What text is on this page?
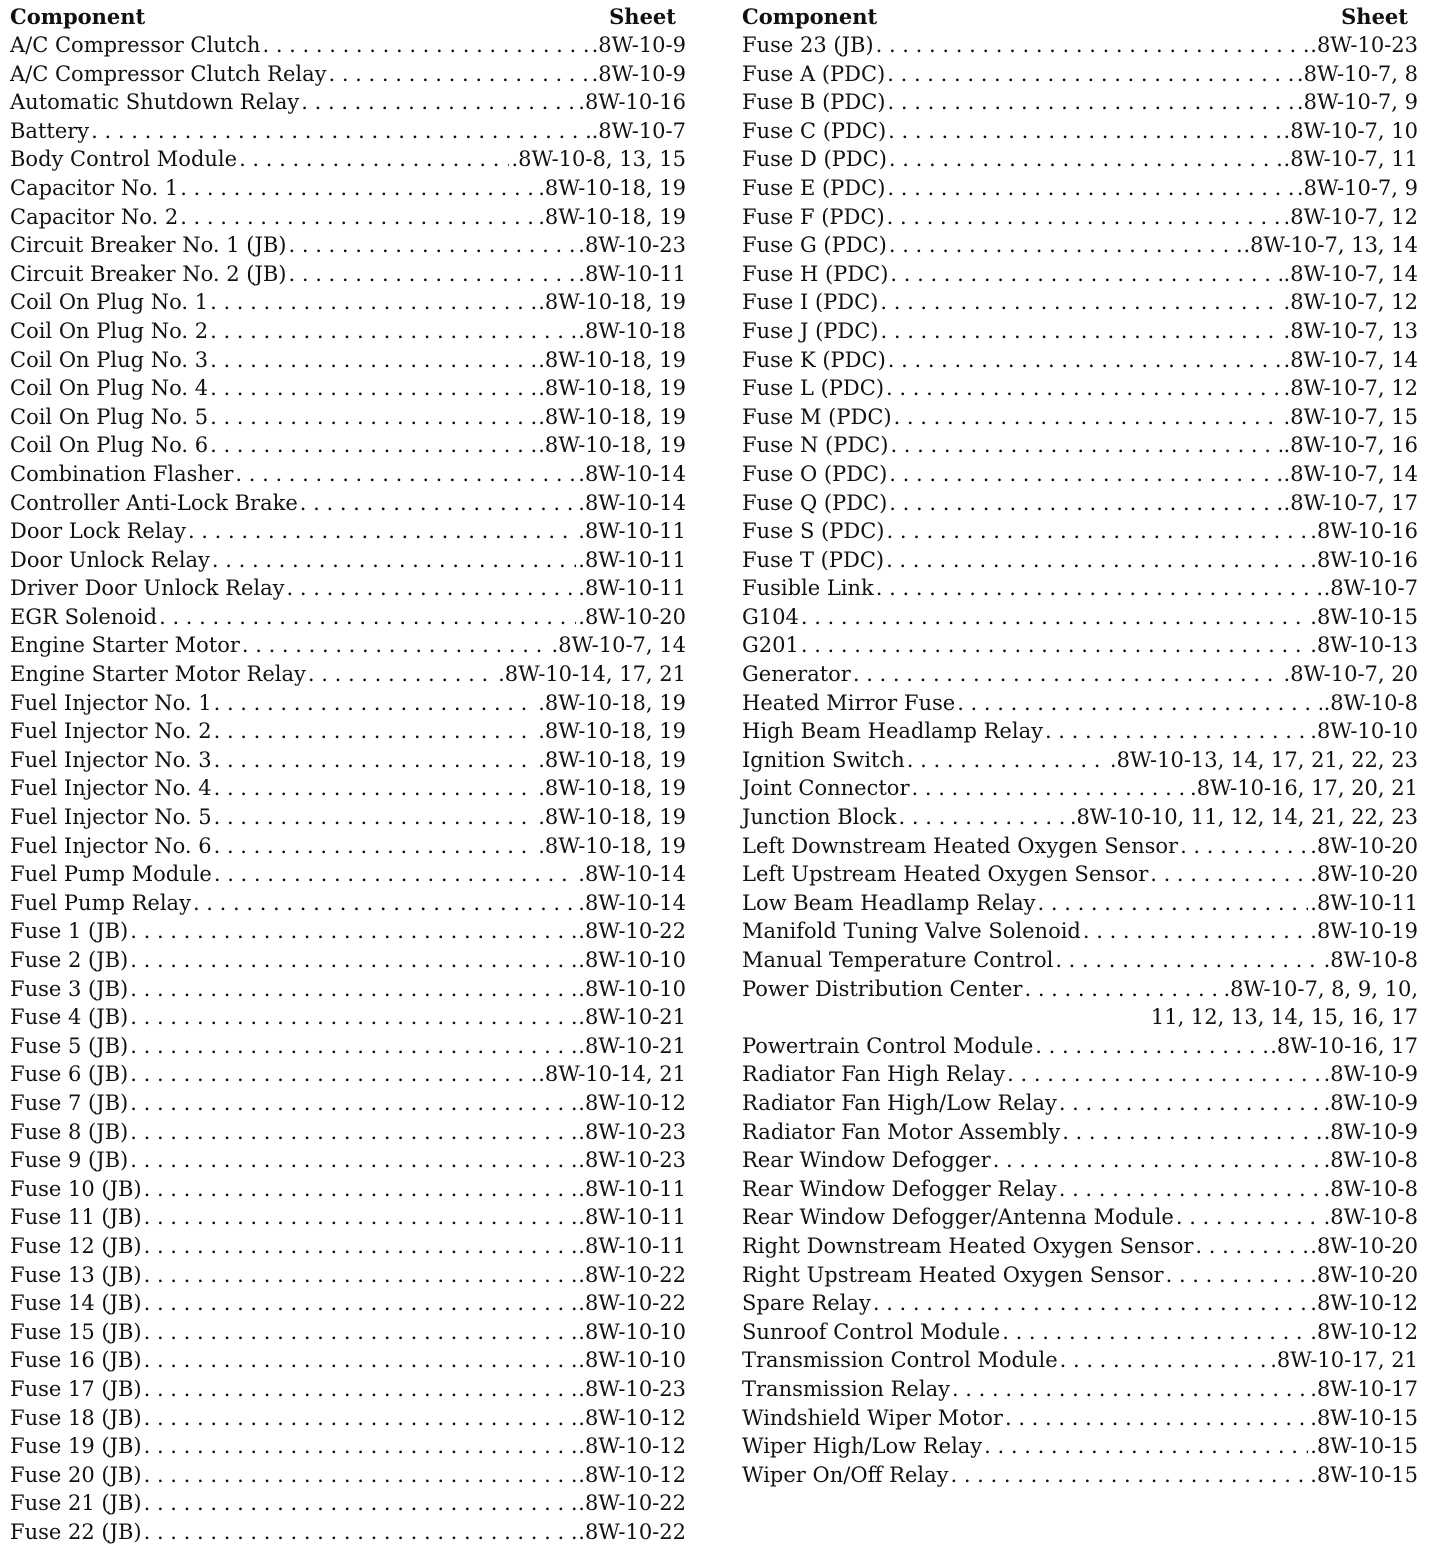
Component	Sheet
A/C Compressor Clutch . . .	.8W-10-9
A/C Compressor Clutch Relay . . .	.8W-10-9
Automatic Shutdown Relay . . .	.8W-10-16
Battery . . .	.8W-10-7
Body Control Module . . .	.8W-10-8, 13, 15
Capacitor No. 1 . . .	.8W-10-18, 19
Capacitor No. 2 . . .	.8W-10-18, 19
Circuit Breaker No. 1 (JB) . . .	.8W-10-23
Circuit Breaker No. 2 (JB) . . .	.8W-10-11
Coil On Plug No. 1 . . .	.8W-10-18, 19
Coil On Plug No. 2 . . .	.8W-10-18
Coil On Plug No. 3 . . .	.8W-10-18, 19
Coil On Plug No. 4 . . .	.8W-10-18, 19
Coil On Plug No. 5 . . .	.8W-10-18, 19
Coil On Plug No. 6 . . .	.8W-10-18, 19
Combination Flasher . . .	.8W-10-14
Controller Anti-Lock Brake . . .	.8W-10-14
Door Lock Relay . . .	.8W-10-11
Door Unlock Relay . . .	.8W-10-11
Driver Door Unlock Relay . . .	.8W-10-11
EGR Solenoid . . .	.8W-10-20
Engine Starter Motor . . .	.8W-10-7, 14
Engine Starter Motor Relay . . .	.8W-10-14, 17, 21
Fuel Injector No. 1 . . .	.8W-10-18, 19
Fuel Injector No. 2 . . .	.8W-10-18, 19
Fuel Injector No. 3 . . .	.8W-10-18, 19
Fuel Injector No. 4 . . .	.8W-10-18, 19
Fuel Injector No. 5 . . .	.8W-10-18, 19
Fuel Injector No. 6 . . .	.8W-10-18, 19
Fuel Pump Module . . .	.8W-10-14
Fuel Pump Relay . . .	.8W-10-14
Fuse 1 (JB) . . .	.8W-10-22
Fuse 2 (JB) . . .	.8W-10-10
Fuse 3 (JB) . . .	.8W-10-10
Fuse 4 (JB) . . .	.8W-10-21
Fuse 5 (JB) . . .	.8W-10-21
Fuse 6 (JB) . . .	.8W-10-14, 21
Fuse 7 (JB) . . .	.8W-10-12
Fuse 8 (JB) . . .	.8W-10-23
Fuse 9 (JB) . . .	.8W-10-23
Fuse 10 (JB) . . .	.8W-10-11
Fuse 11 (JB) . . .	.8W-10-11
Fuse 12 (JB) . . .	.8W-10-11
Fuse 13 (JB) . . .	.8W-10-22
Fuse 14 (JB) . . .	.8W-10-22
Fuse 15 (JB) . . .	.8W-10-10
Fuse 16 (JB) . . .	.8W-10-10
Fuse 17 (JB) . . .	.8W-10-23
Fuse 18 (JB) . . .	.8W-10-12
Fuse 19 (JB) . . .	.8W-10-12
Fuse 20 (JB) . . .	.8W-10-12
Fuse 21 (JB) . . .	.8W-10-22
Fuse 22 (JB) . . .	.8W-10-22
Component	Sheet
Fuse 23 (JB) . . .	.8W-10-23
Fuse A (PDC) . . .	.8W-10-7, 8
Fuse B (PDC) . . .	.8W-10-7, 9
Fuse C (PDC) . . .	.8W-10-7, 10
Fuse D (PDC) . . .	.8W-10-7, 11
Fuse E (PDC) . . .	.8W-10-7, 9
Fuse F (PDC) . . .	.8W-10-7, 12
Fuse G (PDC) . . .	.8W-10-7, 13, 14
Fuse H (PDC) . . .	.8W-10-7, 14
Fuse I (PDC) . . .	.8W-10-7, 12
Fuse J (PDC) . . .	.8W-10-7, 13
Fuse K (PDC) . . .	.8W-10-7, 14
Fuse L (PDC) . . .	.8W-10-7, 12
Fuse M (PDC) . . .	.8W-10-7, 15
Fuse N (PDC) . . .	.8W-10-7, 16
Fuse O (PDC) . . .	.8W-10-7, 14
Fuse Q (PDC) . . .	.8W-10-7, 17
Fuse S (PDC) . . .	.8W-10-16
Fuse T (PDC) . . .	.8W-10-16
Fusible Link . . .	.8W-10-7
G104 . . .	.8W-10-15
G201 . . .	.8W-10-13
Generator . . .	.8W-10-7, 20
Heated Mirror Fuse . . .	.8W-10-8
High Beam Headlamp Relay . . .	.8W-10-10
Ignition Switch . . .	.8W-10-13, 14, 17, 21, 22, 23
Joint Connector . . .	.8W-10-16, 17, 20, 21
Junction Block . . .	.8W-10-10, 11, 12, 14, 21, 22, 23
Left Downstream Heated Oxygen Sensor . . .	.8W-10-20
Left Upstream Heated Oxygen Sensor . . .	.8W-10-20
Low Beam Headlamp Relay . . .	.8W-10-11
Manifold Tuning Valve Solenoid . . .	.8W-10-19
Manual Temperature Control . . .	.8W-10-8
Power Distribution Center . . .	.8W-10-7, 8, 9, 10,
11, 12, 13, 14, 15, 16, 17
Powertrain Control Module . . .	.8W-10-16, 17
Radiator Fan High Relay . . .	.8W-10-9
Radiator Fan High/Low Relay . . .	.8W-10-9
Radiator Fan Motor Assembly . . .	.8W-10-9
Rear Window Defogger . . .	.8W-10-8
Rear Window Defogger Relay . . .	.8W-10-8
Rear Window Defogger/Antenna Module . . .	.8W-10-8
Right Downstream Heated Oxygen Sensor . . .	.8W-10-20
Right Upstream Heated Oxygen Sensor . . .	.8W-10-20
Spare Relay . . .	.8W-10-12
Sunroof Control Module . . .	.8W-10-12
Transmission Control Module . . .	.8W-10-17, 21
Transmission Relay . . .	.8W-10-17
Windshield Wiper Motor . . .	.8W-10-15
Wiper High/Low Relay . . .	.8W-10-15
Wiper On/Off Relay . . .	.8W-10-15
